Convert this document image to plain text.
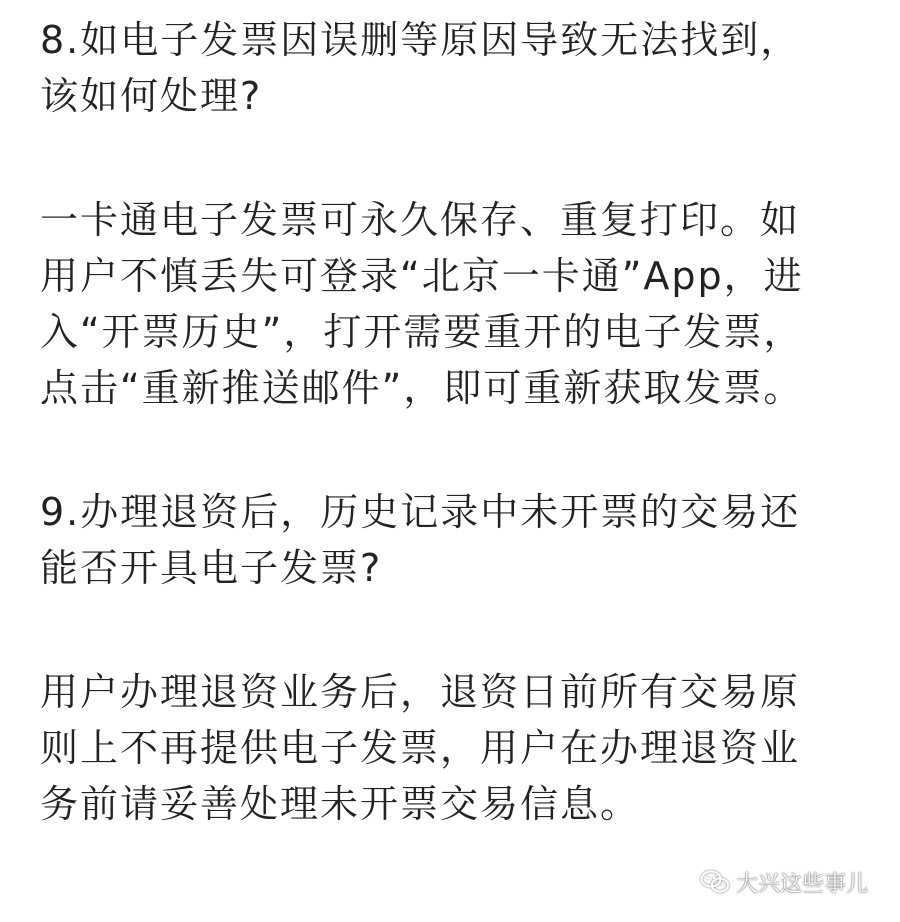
8.如电子发票因误删等原因导致无法找到，
该如何处理?

一卡通电子发票可永久保存、重复打印。如
用户不慎丢失可登录“北京一卡通”App，进
入“开票历史”，打开需要重开的电子发票，
点击“重新推送邮件”，即可重新获取发票。

9.办理退资后，历史记录中未开票的交易还
能否开具电子发票?

用户办理退资业务后，退资日前所有交易原
则上不再提供电子发票，用户在办理退资业
务前请妥善处理未开票交易信息。

大兴这些事儿
